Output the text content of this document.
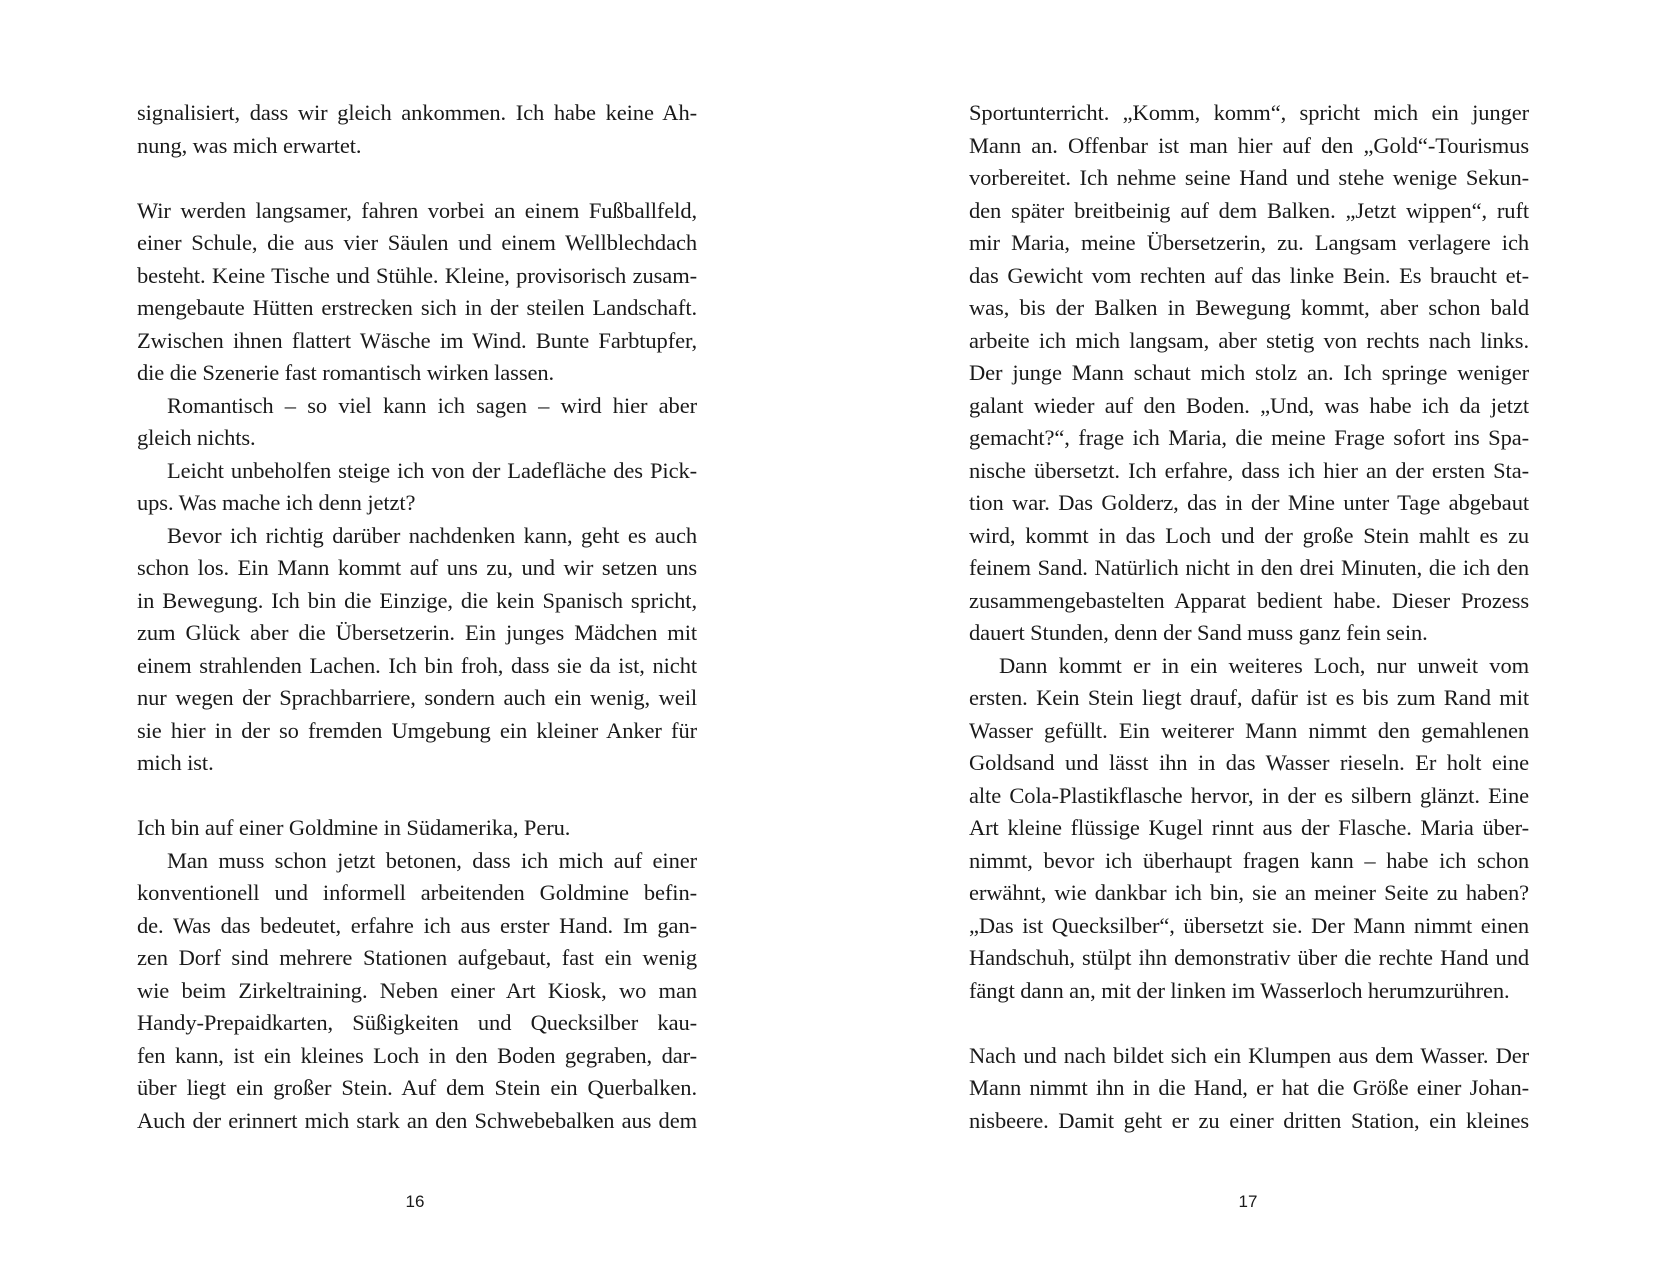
signalisiert, dass wir gleich ankommen. Ich habe keine Ah-
nung, was mich erwartet.
Wir werden langsamer, fahren vorbei an einem Fußballfeld,
einer Schule, die aus vier Säulen und einem Wellblechdach
besteht. Keine Tische und Stühle. Kleine, provisorisch zusam-
mengebaute Hütten erstrecken sich in der steilen Landschaft.
Zwischen ihnen flattert Wäsche im Wind. Bunte Farbtupfer,
die die Szenerie fast romantisch wirken lassen.
Romantisch – so viel kann ich sagen – wird hier aber
gleich nichts.
Leicht unbeholfen steige ich von der Ladefläche des Pick-
ups. Was mache ich denn jetzt?
Bevor ich richtig darüber nachdenken kann, geht es auch
schon los. Ein Mann kommt auf uns zu, und wir setzen uns
in Bewegung. Ich bin die Einzige, die kein Spanisch spricht,
zum Glück aber die Übersetzerin. Ein junges Mädchen mit
einem strahlenden Lachen. Ich bin froh, dass sie da ist, nicht
nur wegen der Sprachbarriere, sondern auch ein wenig, weil
sie hier in der so fremden Umgebung ein kleiner Anker für
mich ist.
Ich bin auf einer Goldmine in Südamerika, Peru.
Man muss schon jetzt betonen, dass ich mich auf einer
konventionell und informell arbeitenden Goldmine befin-
de. Was das bedeutet, erfahre ich aus erster Hand. Im gan-
zen Dorf sind mehrere Stationen aufgebaut, fast ein wenig
wie beim Zirkeltraining. Neben einer Art Kiosk, wo man
Handy-Prepaidkarten, Süßigkeiten und Quecksilber kau-
fen kann, ist ein kleines Loch in den Boden gegraben, dar-
über liegt ein großer Stein. Auf dem Stein ein Querbalken.
Auch der erinnert mich stark an den Schwebebalken aus dem
Sportunterricht. „Komm, komm“, spricht mich ein junger
Mann an. Offenbar ist man hier auf den „Gold“-Tourismus
vorbereitet. Ich nehme seine Hand und stehe wenige Sekun-
den später breitbeinig auf dem Balken. „Jetzt wippen“, ruft
mir Maria, meine Übersetzerin, zu. Langsam verlagere ich
das Gewicht vom rechten auf das linke Bein. Es braucht et-
was, bis der Balken in Bewegung kommt, aber schon bald
arbeite ich mich langsam, aber stetig von rechts nach links.
Der junge Mann schaut mich stolz an. Ich springe weniger
galant wieder auf den Boden. „Und, was habe ich da jetzt
gemacht?“, frage ich Maria, die meine Frage sofort ins Spa-
nische übersetzt. Ich erfahre, dass ich hier an der ersten Sta-
tion war. Das Golderz, das in der Mine unter Tage abgebaut
wird, kommt in das Loch und der große Stein mahlt es zu
feinem Sand. Natürlich nicht in den drei Minuten, die ich den
zusammengebastelten Apparat bedient habe. Dieser Prozess
dauert Stunden, denn der Sand muss ganz fein sein.
Dann kommt er in ein weiteres Loch, nur unweit vom
ersten. Kein Stein liegt drauf, dafür ist es bis zum Rand mit
Wasser gefüllt. Ein weiterer Mann nimmt den gemahlenen
Goldsand und lässt ihn in das Wasser rieseln. Er holt eine
alte Cola-Plastikflasche hervor, in der es silbern glänzt. Eine
Art kleine flüssige Kugel rinnt aus der Flasche. Maria über-
nimmt, bevor ich überhaupt fragen kann – habe ich schon
erwähnt, wie dankbar ich bin, sie an meiner Seite zu haben?
„Das ist Quecksilber“, übersetzt sie. Der Mann nimmt einen
Handschuh, stülpt ihn demonstrativ über die rechte Hand und
fängt dann an, mit der linken im Wasserloch herumzurühren.
Nach und nach bildet sich ein Klumpen aus dem Wasser. Der
Mann nimmt ihn in die Hand, er hat die Größe einer Johan-
nisbeere. Damit geht er zu einer dritten Station, ein kleines
16	17
